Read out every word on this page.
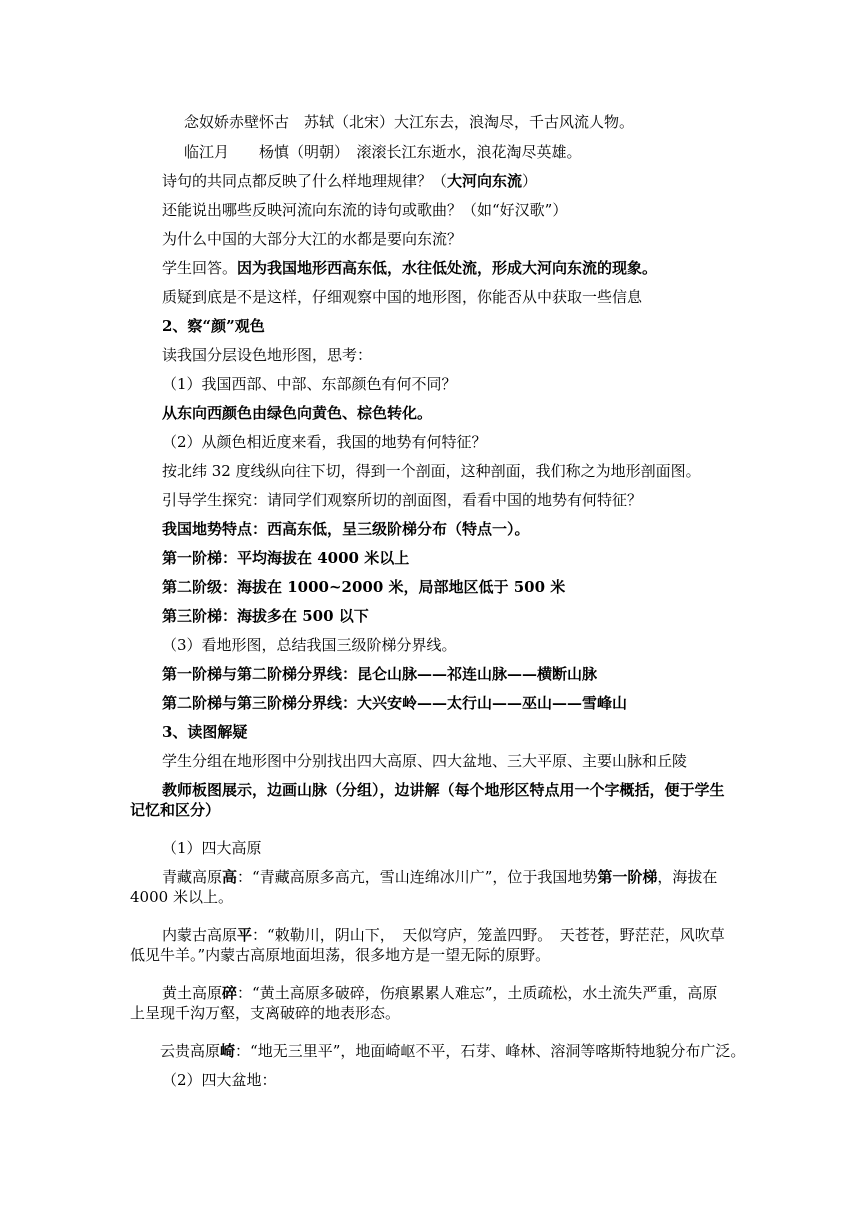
念奴娇赤壁怀古　苏轼（北宋）大江东去，浪淘尽，千古风流人物。
临江月　　杨慎（明朝）　滚滚长江东逝水，浪花淘尽英雄。
诗句的共同点都反映了什么样地理规律？（大河向东流）
还能说出哪些反映河流向东流的诗句或歌曲？（如“好汉歌”）
为什么中国的大部分大江的水都是要向东流？
学生回答。因为我国地形西高东低，水往低处流，形成大河向东流的现象。
质疑到底是不是这样，仔细观察中国的地形图，你能否从中获取一些信息
2、察“颜”观色
读我国分层设色地形图，思考：
（1）我国西部、中部、东部颜色有何不同？
从东向西颜色由绿色向黄色、棕色转化。
（2）从颜色相近度来看，我国的地势有何特征？
按北纬 32 度线纵向往下切，得到一个剖面，这种剖面，我们称之为地形剖面图。
引导学生探究：请同学们观察所切的剖面图，看看中国的地势有何特征？
我国地势特点：西高东低，呈三级阶梯分布（特点一）。
第一阶梯：平均海拔在 4000 米以上
第二阶级：海拔在 1000~2000 米，局部地区低于 500 米
第三阶梯：海拔多在 500 以下
（3）看地形图，总结我国三级阶梯分界线。
第一阶梯与第二阶梯分界线：昆仑山脉——祁连山脉——横断山脉
第二阶梯与第三阶梯分界线：大兴安岭——太行山——巫山——雪峰山
3、读图解疑
学生分组在地形图中分别找出四大高原、四大盆地、三大平原、主要山脉和丘陵
教师板图展示，边画山脉（分组），边讲解（每个地形区特点用一个字概括，便于学生记忆和区分）
（1）四大高原
青藏高原高：“青藏高原多高亢，雪山连绵冰川广”，位于我国地势第一阶梯，海拔在 4000 米以上。
内蒙古高原平：“敕勒川，阴山下，　天似穹庐，笼盖四野。　天苍苍，野茫茫，风吹草低见牛羊。”内蒙古高原地面坦荡，很多地方是一望无际的原野。
黄土高原碎：“黄土高原多破碎，伤痕累累人难忘”，土质疏松，水土流失严重，高原上呈现千沟万壑，支离破碎的地表形态。
云贵高原崎：“地无三里平”，地面崎岖不平，石芽、峰林、溶洞等喀斯特地貌分布广泛。
（2）四大盆地：
